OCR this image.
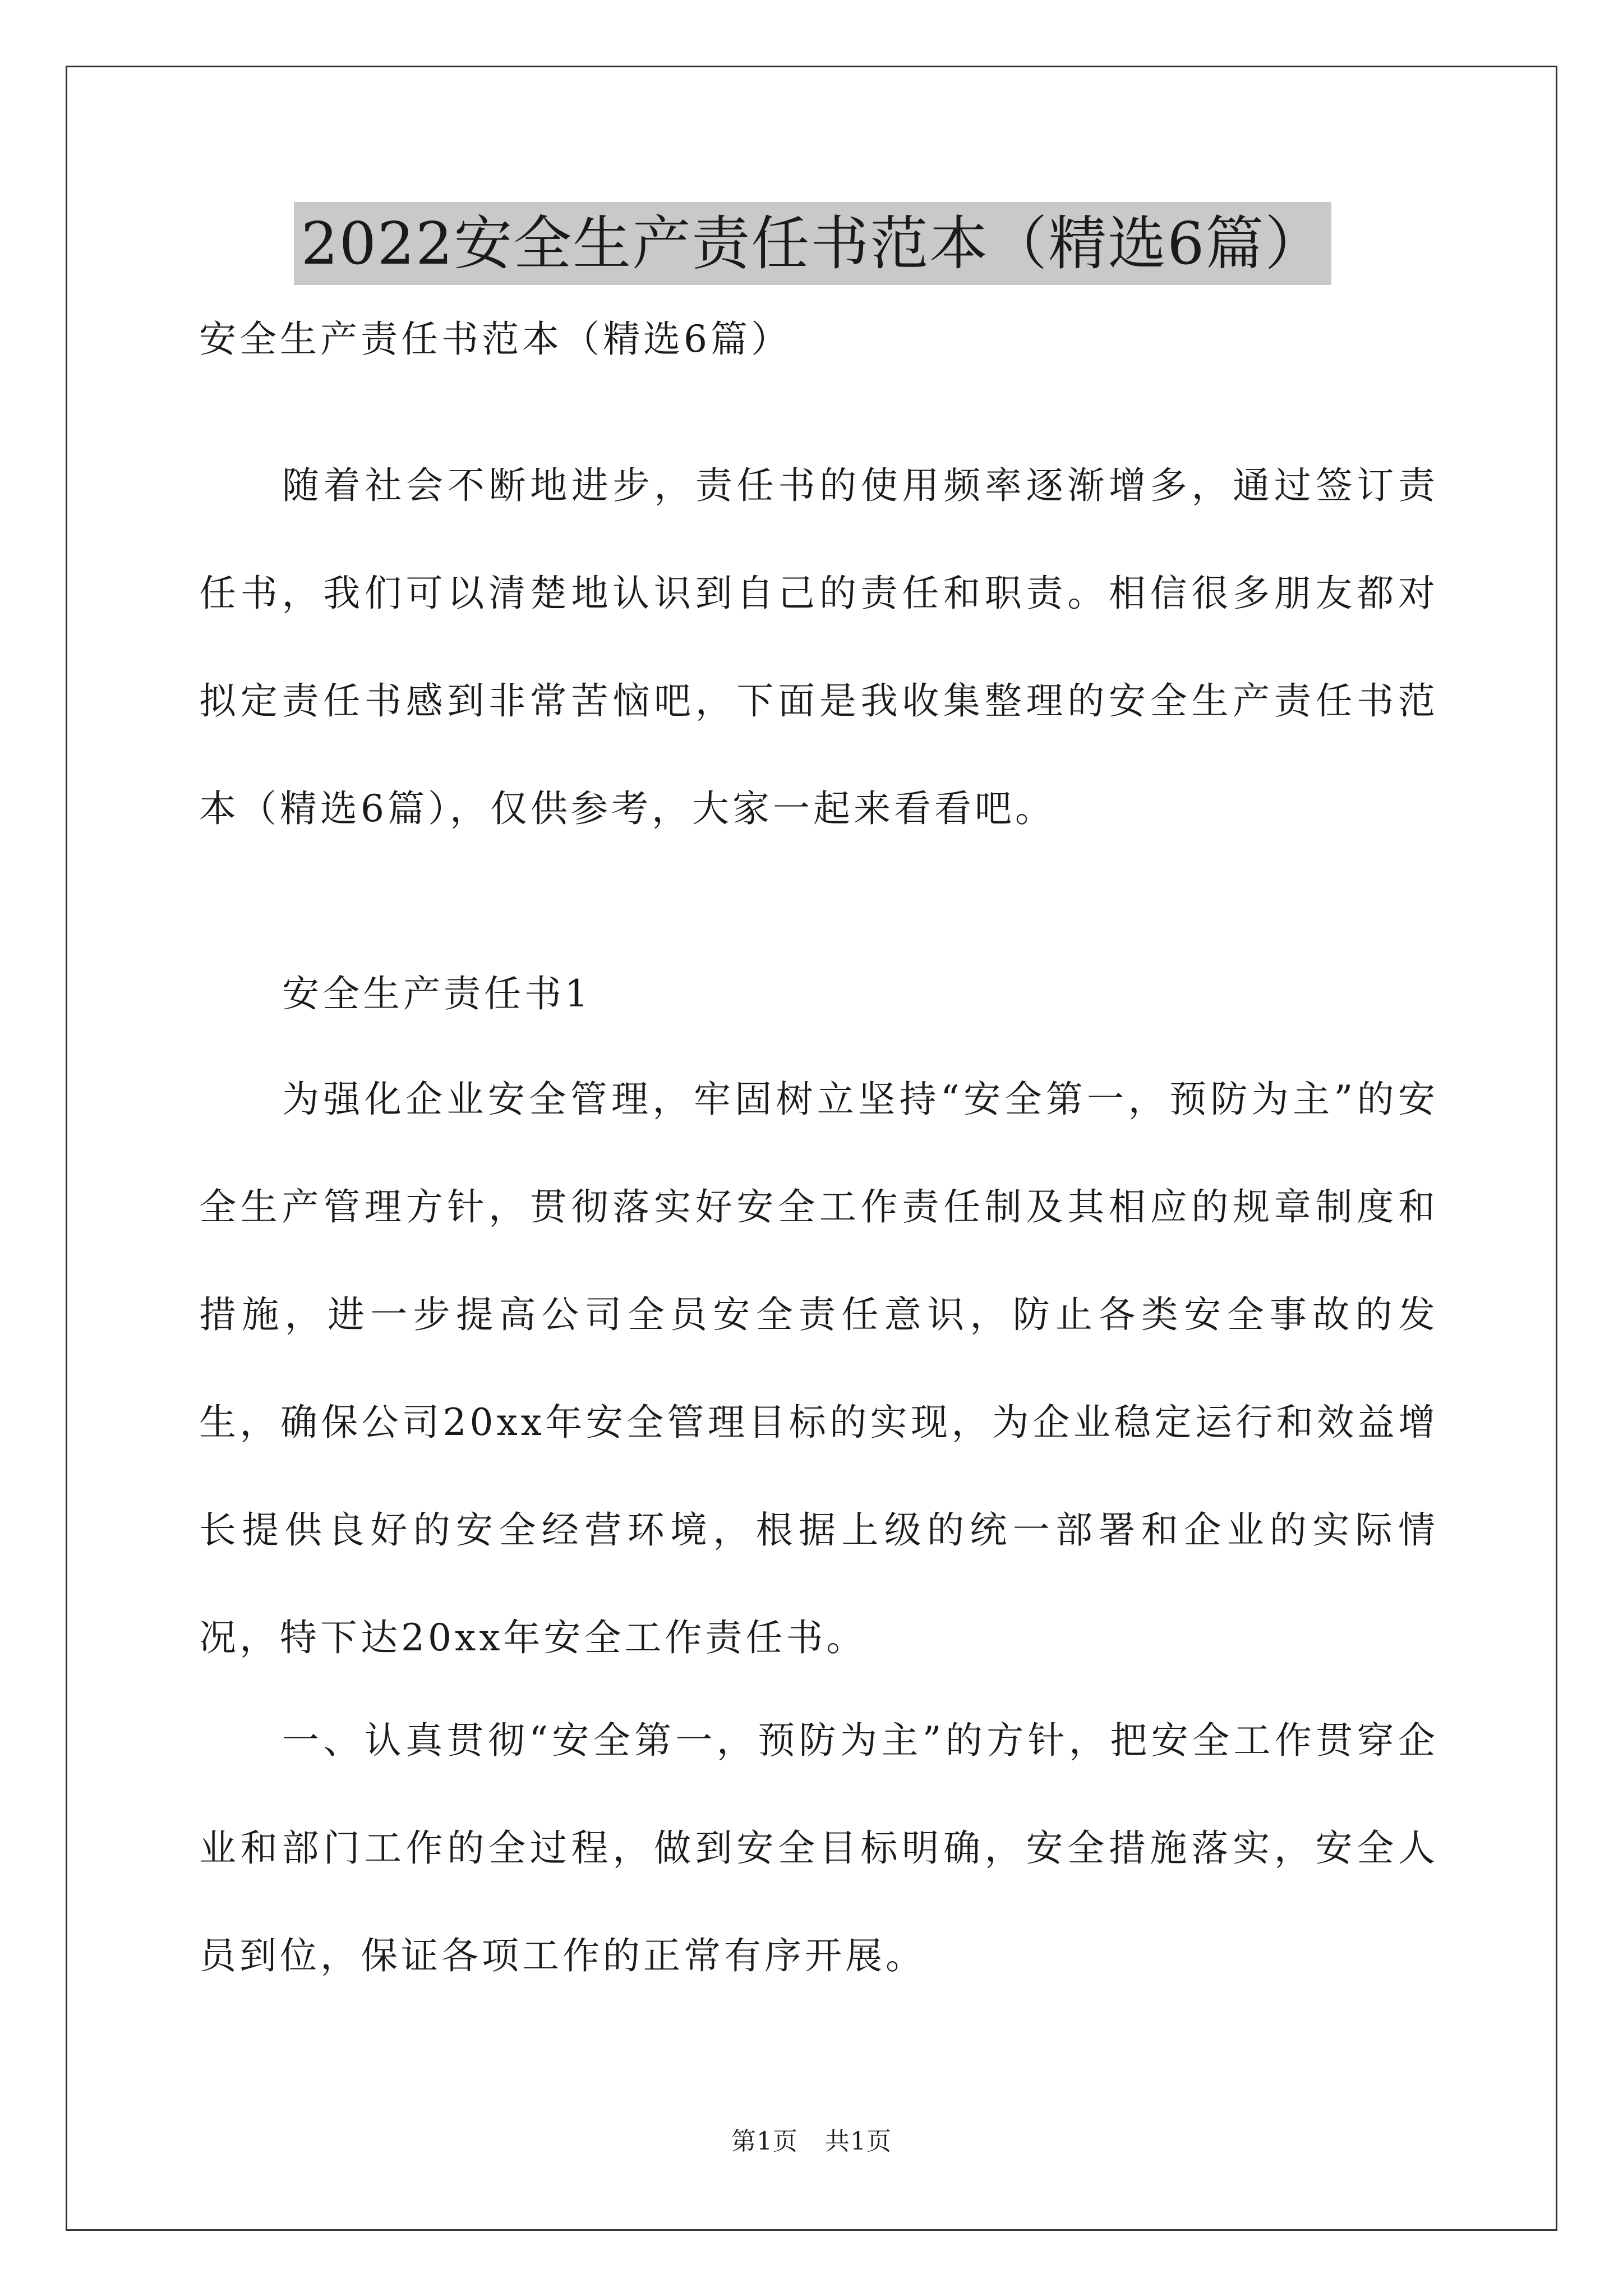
2022安全生产责任书范本（精选6篇）

安全生产责任书范本（精选6篇）

随着社会不断地进步，责任书的使用频率逐渐增多，通过签订责任书，我们可以清楚地认识到自己的责任和职责。相信很多朋友都对拟定责任书感到非常苦恼吧，下面是我收集整理的安全生产责任书范本（精选6篇），仅供参考，大家一起来看看吧。

安全生产责任书1

为强化企业安全管理，牢固树立坚持“安全第一，预防为主”的安全生产管理方针，贯彻落实好安全工作责任制及其相应的规章制度和措施，进一步提高公司全员安全责任意识，防止各类安全事故的发生，确保公司20xx年安全管理目标的实现，为企业稳定运行和效益增长提供良好的安全经营环境，根据上级的统一部署和企业的实际情况，特下达20xx年安全工作责任书。

一、认真贯彻“安全第一，预防为主”的方针，把安全工作贯穿企业和部门工作的全过程，做到安全目标明确，安全措施落实，安全人员到位，保证各项工作的正常有序开展。

第1页 共1页
